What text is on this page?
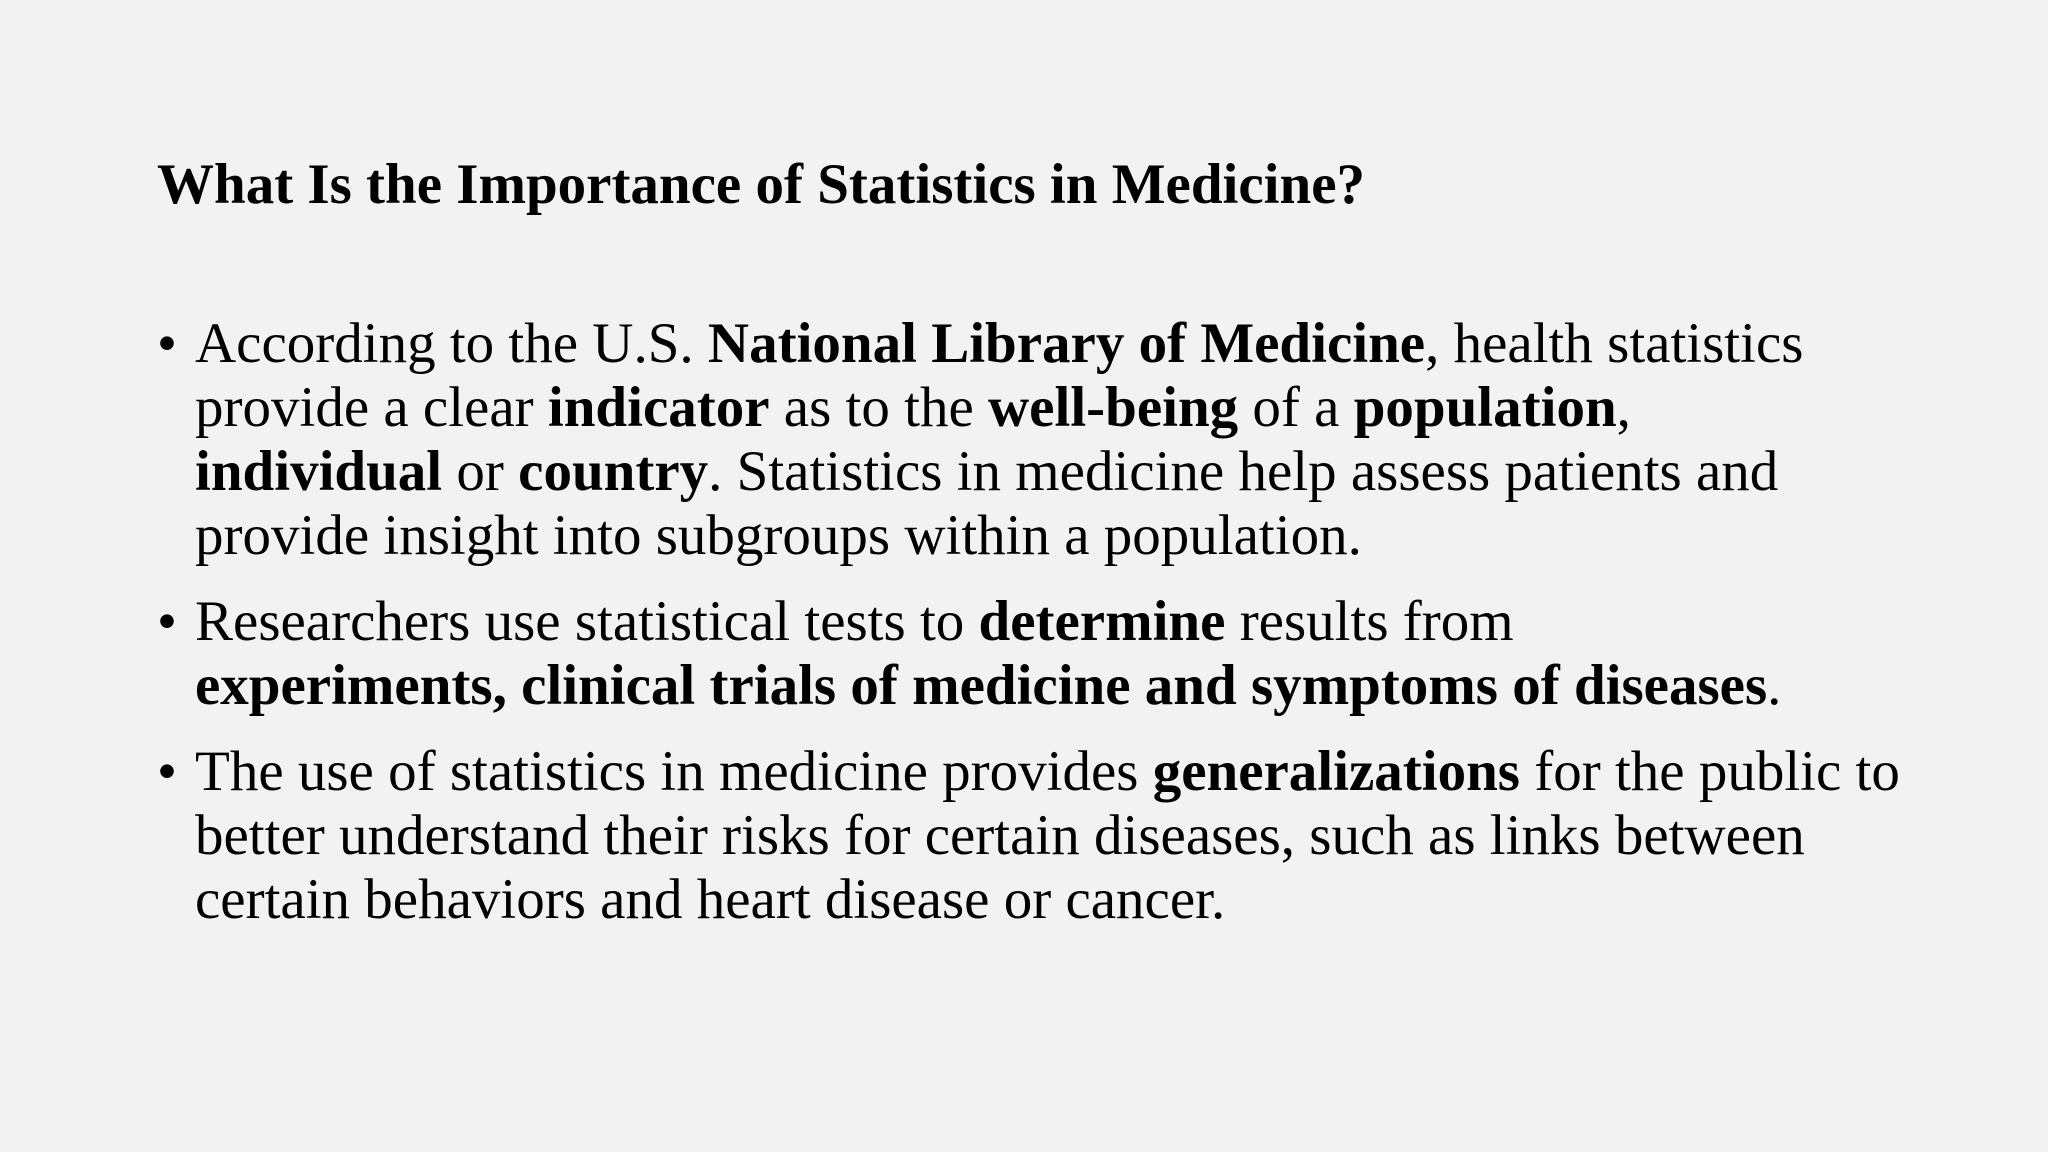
What Is the Importance of Statistics in Medicine?
• According to the U.S. National Library of Medicine, health statistics provide a clear indicator as to the well-being of a population,
individual or country. Statistics in medicine help assess patients and provide insight into subgroups within a population.
• Researchers use statistical tests to determine results from
experiments, clinical trials of medicine and symptoms of diseases.
• The use of statistics in medicine provides generalizations for the public to better understand their risks for certain diseases, such as links between certain behaviors and heart disease or cancer.
